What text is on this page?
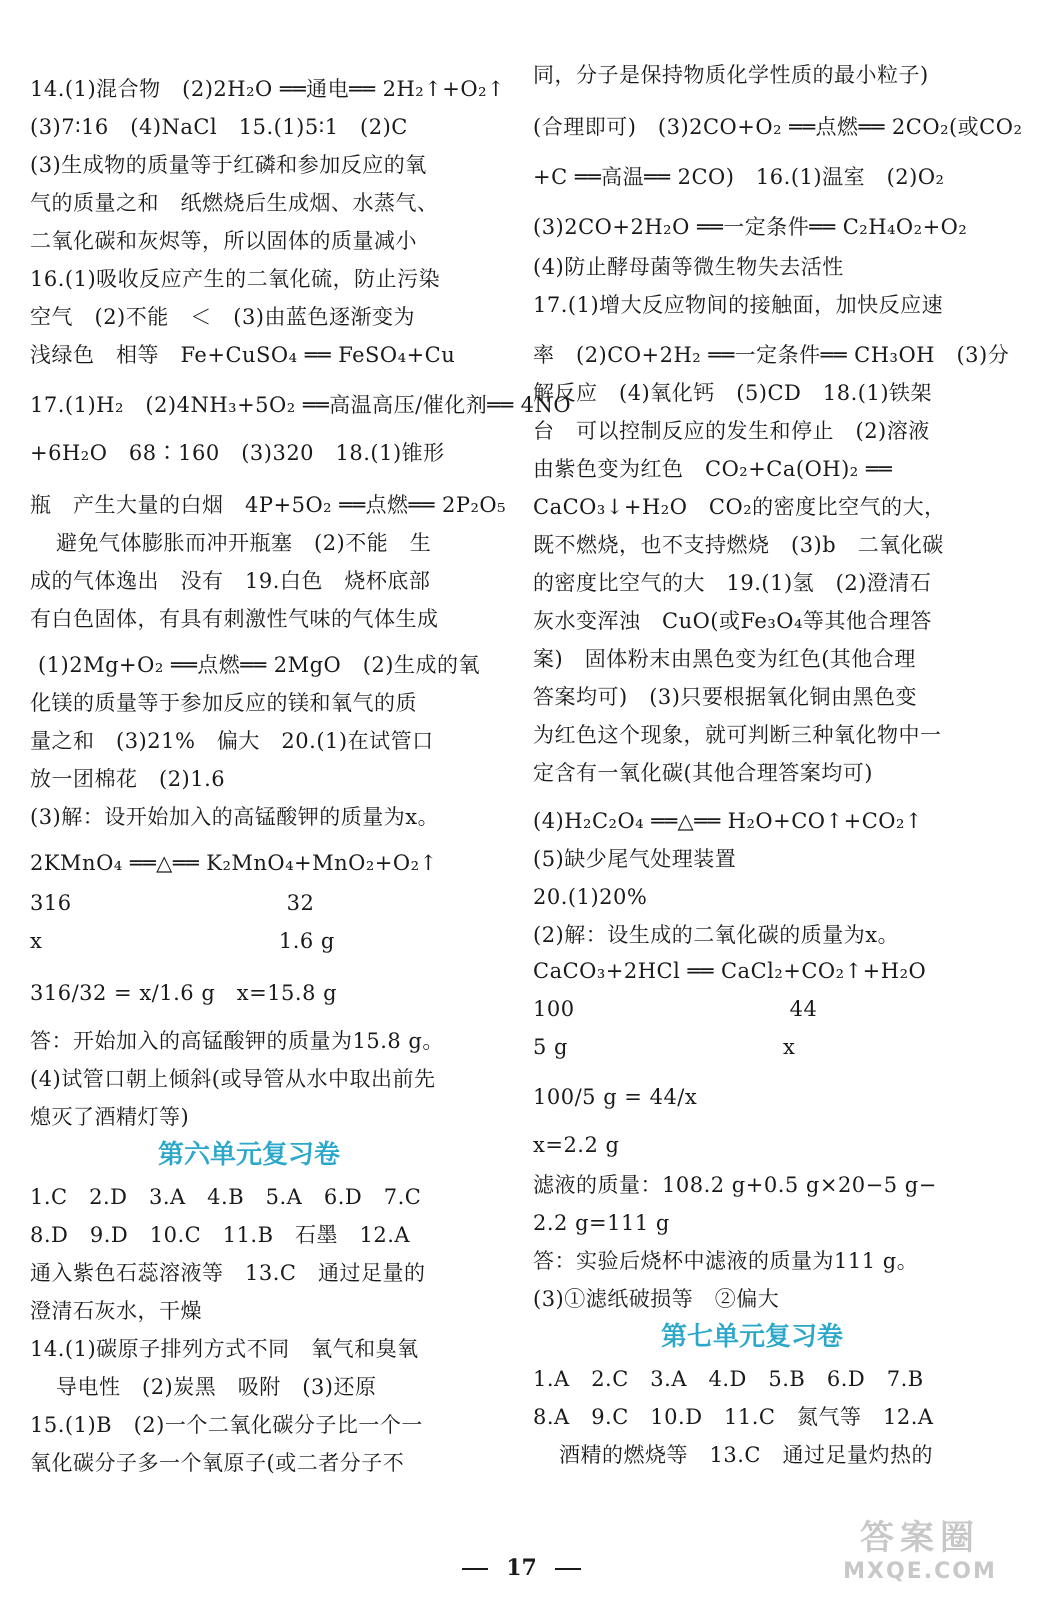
14.(1)混合物　(2)2H₂O ══通电══ 2H₂↑+O₂↑
(3)7∶16　(4)NaCl　15.(1)5∶1　(2)C
(3)生成物的质量等于红磷和参加反应的氧
气的质量之和　纸燃烧后生成烟、水蒸气、
二氧化碳和灰烬等，所以固体的质量减小
16.(1)吸收反应产生的二氧化硫，防止污染
空气　(2)不能　＜　(3)由蓝色逐渐变为
浅绿色　相等　Fe+CuSO₄ ══ FeSO₄+Cu
17.(1)H₂　(2)4NH₃+5O₂ ══高温高压/催化剂══ 4NO
+6H₂O　68∶160　(3)320　18.(1)锥形
瓶　产生大量的白烟　4P+5O₂ ══点燃══ 2P₂O₅
避免气体膨胀而冲开瓶塞　(2)不能　生
成的气体逸出　没有　19.白色　烧杯底部
有白色固体，有具有刺激性气味的气体生成
(1)2Mg+O₂ ══点燃══ 2MgO　(2)生成的氧
化镁的质量等于参加反应的镁和氧气的质
量之和　(3)21%　偏大　20.(1)在试管口
放一团棉花　(2)1.6
(3)解：设开始加入的高锰酸钾的质量为x。
2KMnO₄ ══△══ K₂MnO₄+MnO₂+O₂↑
316　　　　　　　　　　32
x　　　　　　　　　　　1.6 g
316/32 = x/1.6 g　x=15.8 g
答：开始加入的高锰酸钾的质量为15.8 g。
(4)试管口朝上倾斜(或导管从水中取出前先
熄灭了酒精灯等)
第六单元复习卷
1.C　2.D　3.A　4.B　5.A　6.D　7.C
8.D　9.D　10.C　11.B　石墨　12.A
通入紫色石蕊溶液等　13.C　通过足量的
澄清石灰水，干燥
14.(1)碳原子排列方式不同　氧气和臭氧
导电性　(2)炭黑　吸附　(3)还原
15.(1)B　(2)一个二氧化碳分子比一个一
氧化碳分子多一个氧原子(或二者分子不
同，分子是保持物质化学性质的最小粒子)
(合理即可)　(3)2CO+O₂ ══点燃══ 2CO₂(或CO₂
+C ══高温══ 2CO)　16.(1)温室　(2)O₂
(3)2CO+2H₂O ══一定条件══ C₂H₄O₂+O₂
(4)防止酵母菌等微生物失去活性
17.(1)增大反应物间的接触面，加快反应速
率　(2)CO+2H₂ ══一定条件══ CH₃OH　(3)分
解反应　(4)氧化钙　(5)CD　18.(1)铁架
台　可以控制反应的发生和停止　(2)溶液
由紫色变为红色　CO₂+Ca(OH)₂ ══
CaCO₃↓+H₂O　CO₂的密度比空气的大，
既不燃烧，也不支持燃烧　(3)b　二氧化碳
的密度比空气的大　19.(1)氢　(2)澄清石
灰水变浑浊　CuO(或Fe₃O₄等其他合理答
案)　固体粉末由黑色变为红色(其他合理
答案均可)　(3)只要根据氧化铜由黑色变
为红色这个现象，就可判断三种氧化物中一
定含有一氧化碳(其他合理答案均可)
(4)H₂C₂O₄ ══△══ H₂O+CO↑+CO₂↑
(5)缺少尾气处理装置
20.(1)20%
(2)解：设生成的二氧化碳的质量为x。
CaCO₃+2HCl ══ CaCl₂+CO₂↑+H₂O
100　　　　　　　　　　44
5 g　　　　　　　　　　x
100/5 g = 44/x
x=2.2 g
滤液的质量：108.2 g+0.5 g×20−5 g−
2.2 g=111 g
答：实验后烧杯中滤液的质量为111 g。
(3)①滤纸破损等　②偏大
第七单元复习卷
1.A　2.C　3.A　4.D　5.B　6.D　7.B
8.A　9.C　10.D　11.C　氮气等　12.A
酒精的燃烧等　13.C　通过足量灼热的
17
答案圈
MXQE.COM
